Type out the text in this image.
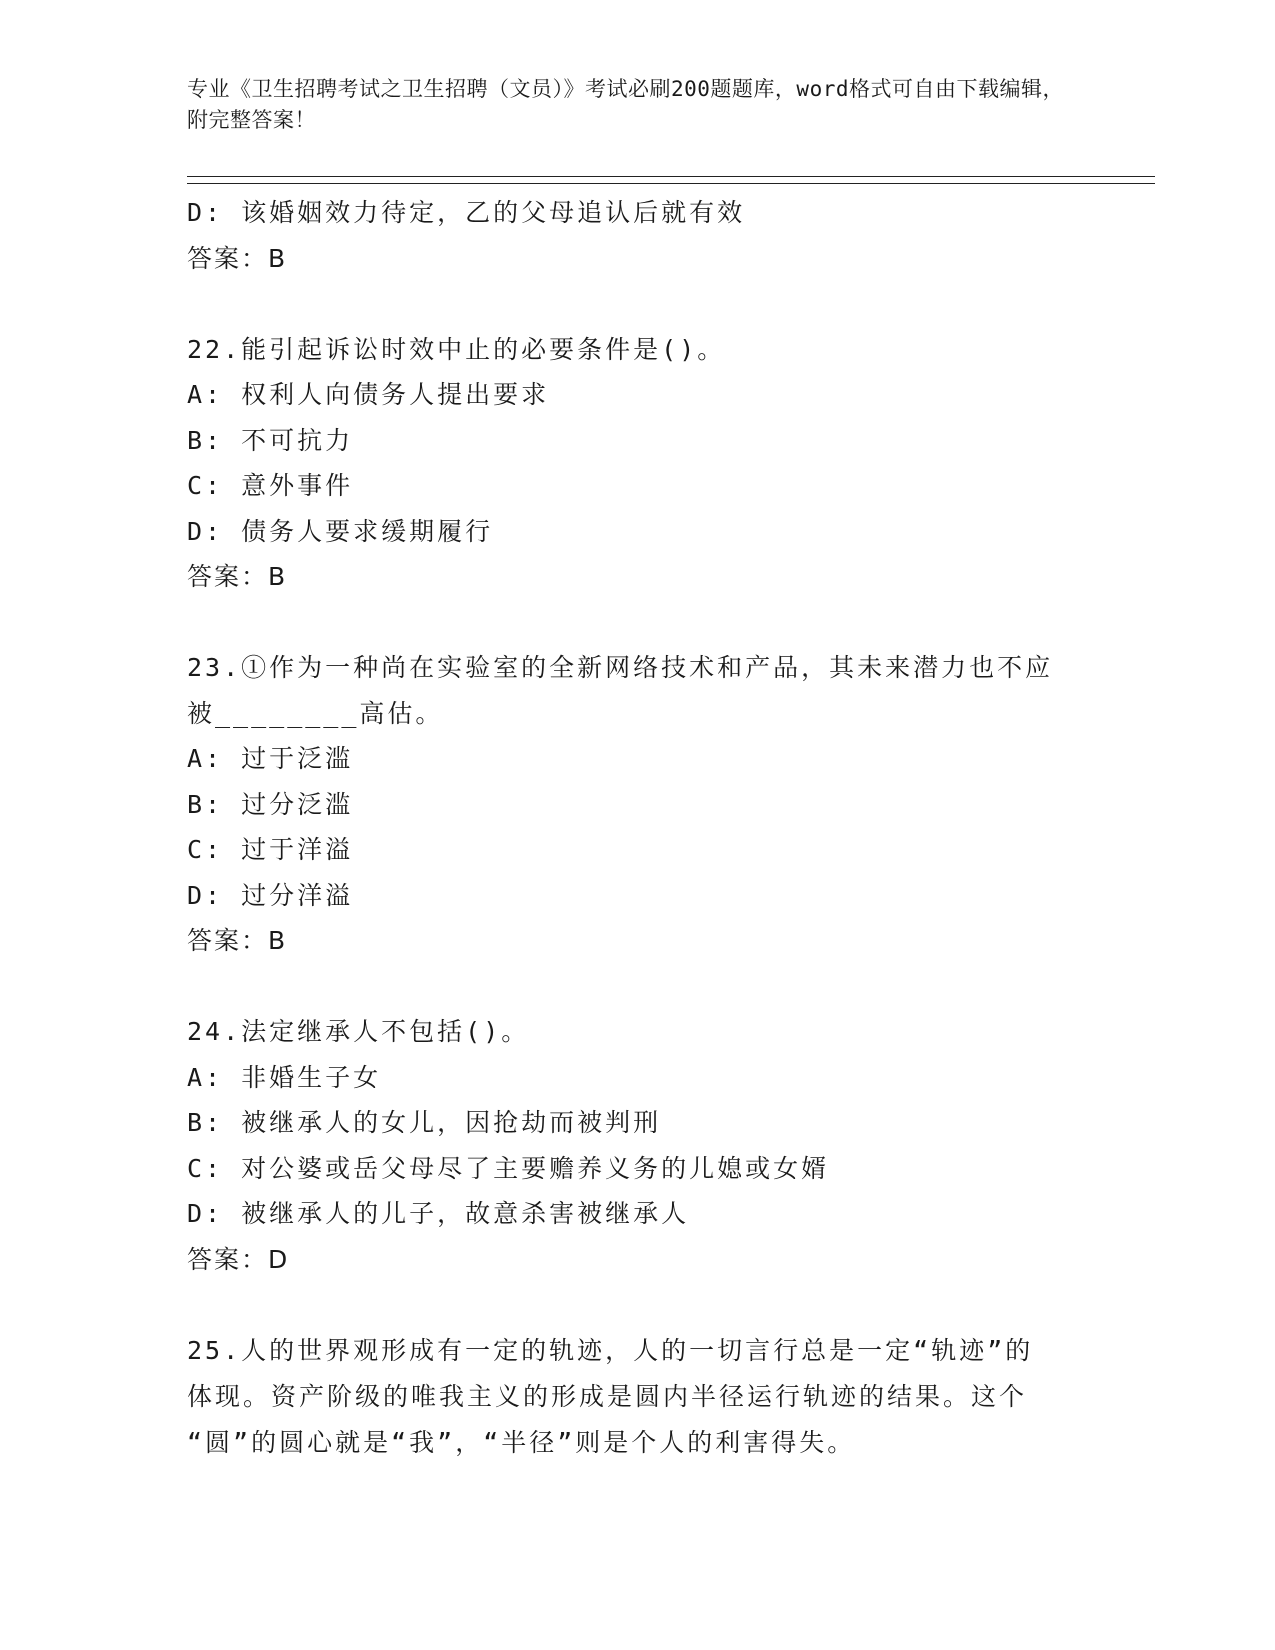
专业《卫生招聘考试之卫生招聘（文员）》考试必刷200题题库，word格式可自由下载编辑，附完整答案！
D: 该婚姻效力待定，乙的父母追认后就有效
答案：B
22.能引起诉讼时效中止的必要条件是()。
A: 权利人向债务人提出要求
B: 不可抗力
C: 意外事件
D: 债务人要求缓期履行
答案：B
23.①作为一种尚在实验室的全新网络技术和产品，其未来潜力也不应
被________高估。
A: 过于泛滥
B: 过分泛滥
C: 过于洋溢
D: 过分洋溢
答案：B
24.法定继承人不包括()。
A: 非婚生子女
B: 被继承人的女儿，因抢劫而被判刑
C: 对公婆或岳父母尽了主要赡养义务的儿媳或女婿
D: 被继承人的儿子，故意杀害被继承人
答案：D
25.人的世界观形成有一定的轨迹，人的一切言行总是一定“轨迹”的
体现。资产阶级的唯我主义的形成是圆内半径运行轨迹的结果。这个
“圆”的圆心就是“我”，“半径”则是个人的利害得失。
